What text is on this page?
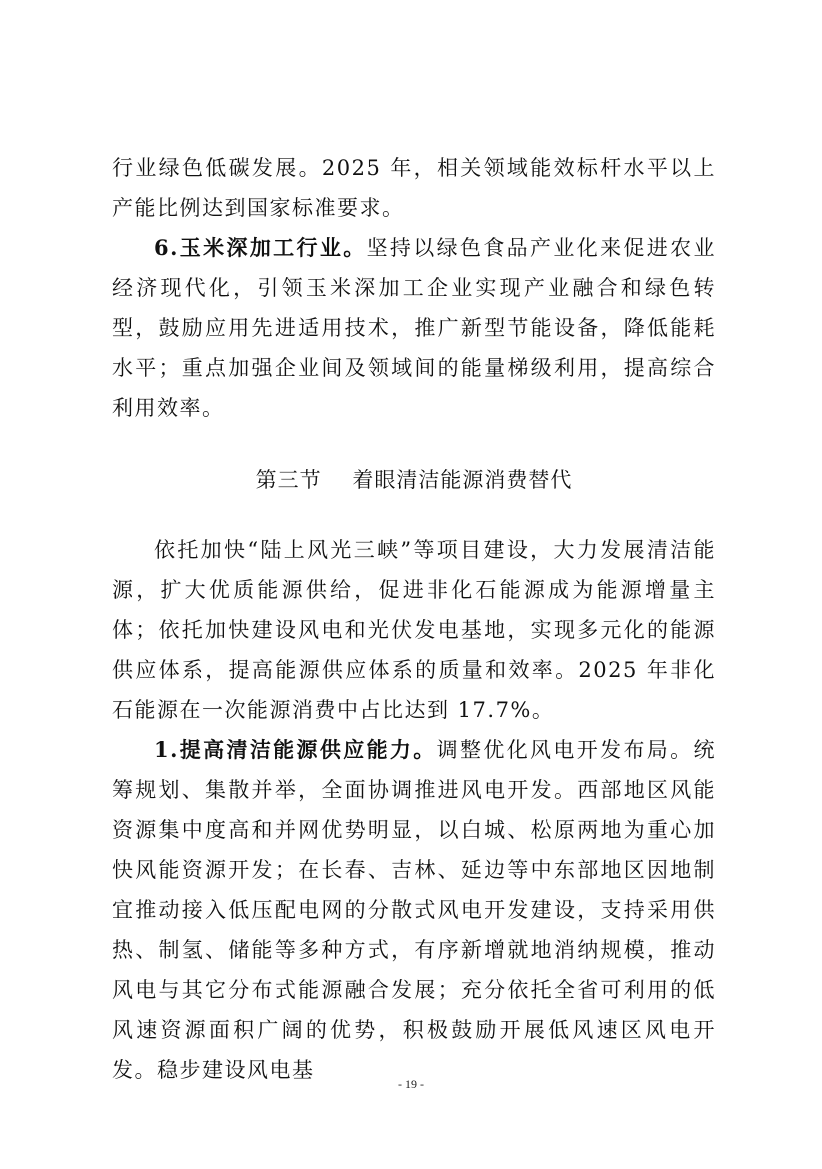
行业绿色低碳发展。2025 年，相关领域能效标杆水平以上产能比例达到国家标准要求。

6.玉米深加工行业。坚持以绿色食品产业化来促进农业经济现代化，引领玉米深加工企业实现产业融合和绿色转型，鼓励应用先进适用技术，推广新型节能设备，降低能耗水平；重点加强企业间及领域间的能量梯级利用，提高综合利用效率。

第三节    着眼清洁能源消费替代

依托加快“陆上风光三峡”等项目建设，大力发展清洁能源，扩大优质能源供给，促进非化石能源成为能源增量主体；依托加快建设风电和光伏发电基地，实现多元化的能源供应体系，提高能源供应体系的质量和效率。2025 年非化石能源在一次能源消费中占比达到 17.7%。

1.提高清洁能源供应能力。调整优化风电开发布局。统筹规划、集散并举，全面协调推进风电开发。西部地区风能资源集中度高和并网优势明显，以白城、松原两地为重心加快风能资源开发；在长春、吉林、延边等中东部地区因地制宜推动接入低压配电网的分散式风电开发建设，支持采用供热、制氢、储能等多种方式，有序新增就地消纳规模，推动风电与其它分布式能源融合发展；充分依托全省可利用的低风速资源面积广阔的优势，积极鼓励开展低风速区风电开发。稳步建设风电基

- 19 -
